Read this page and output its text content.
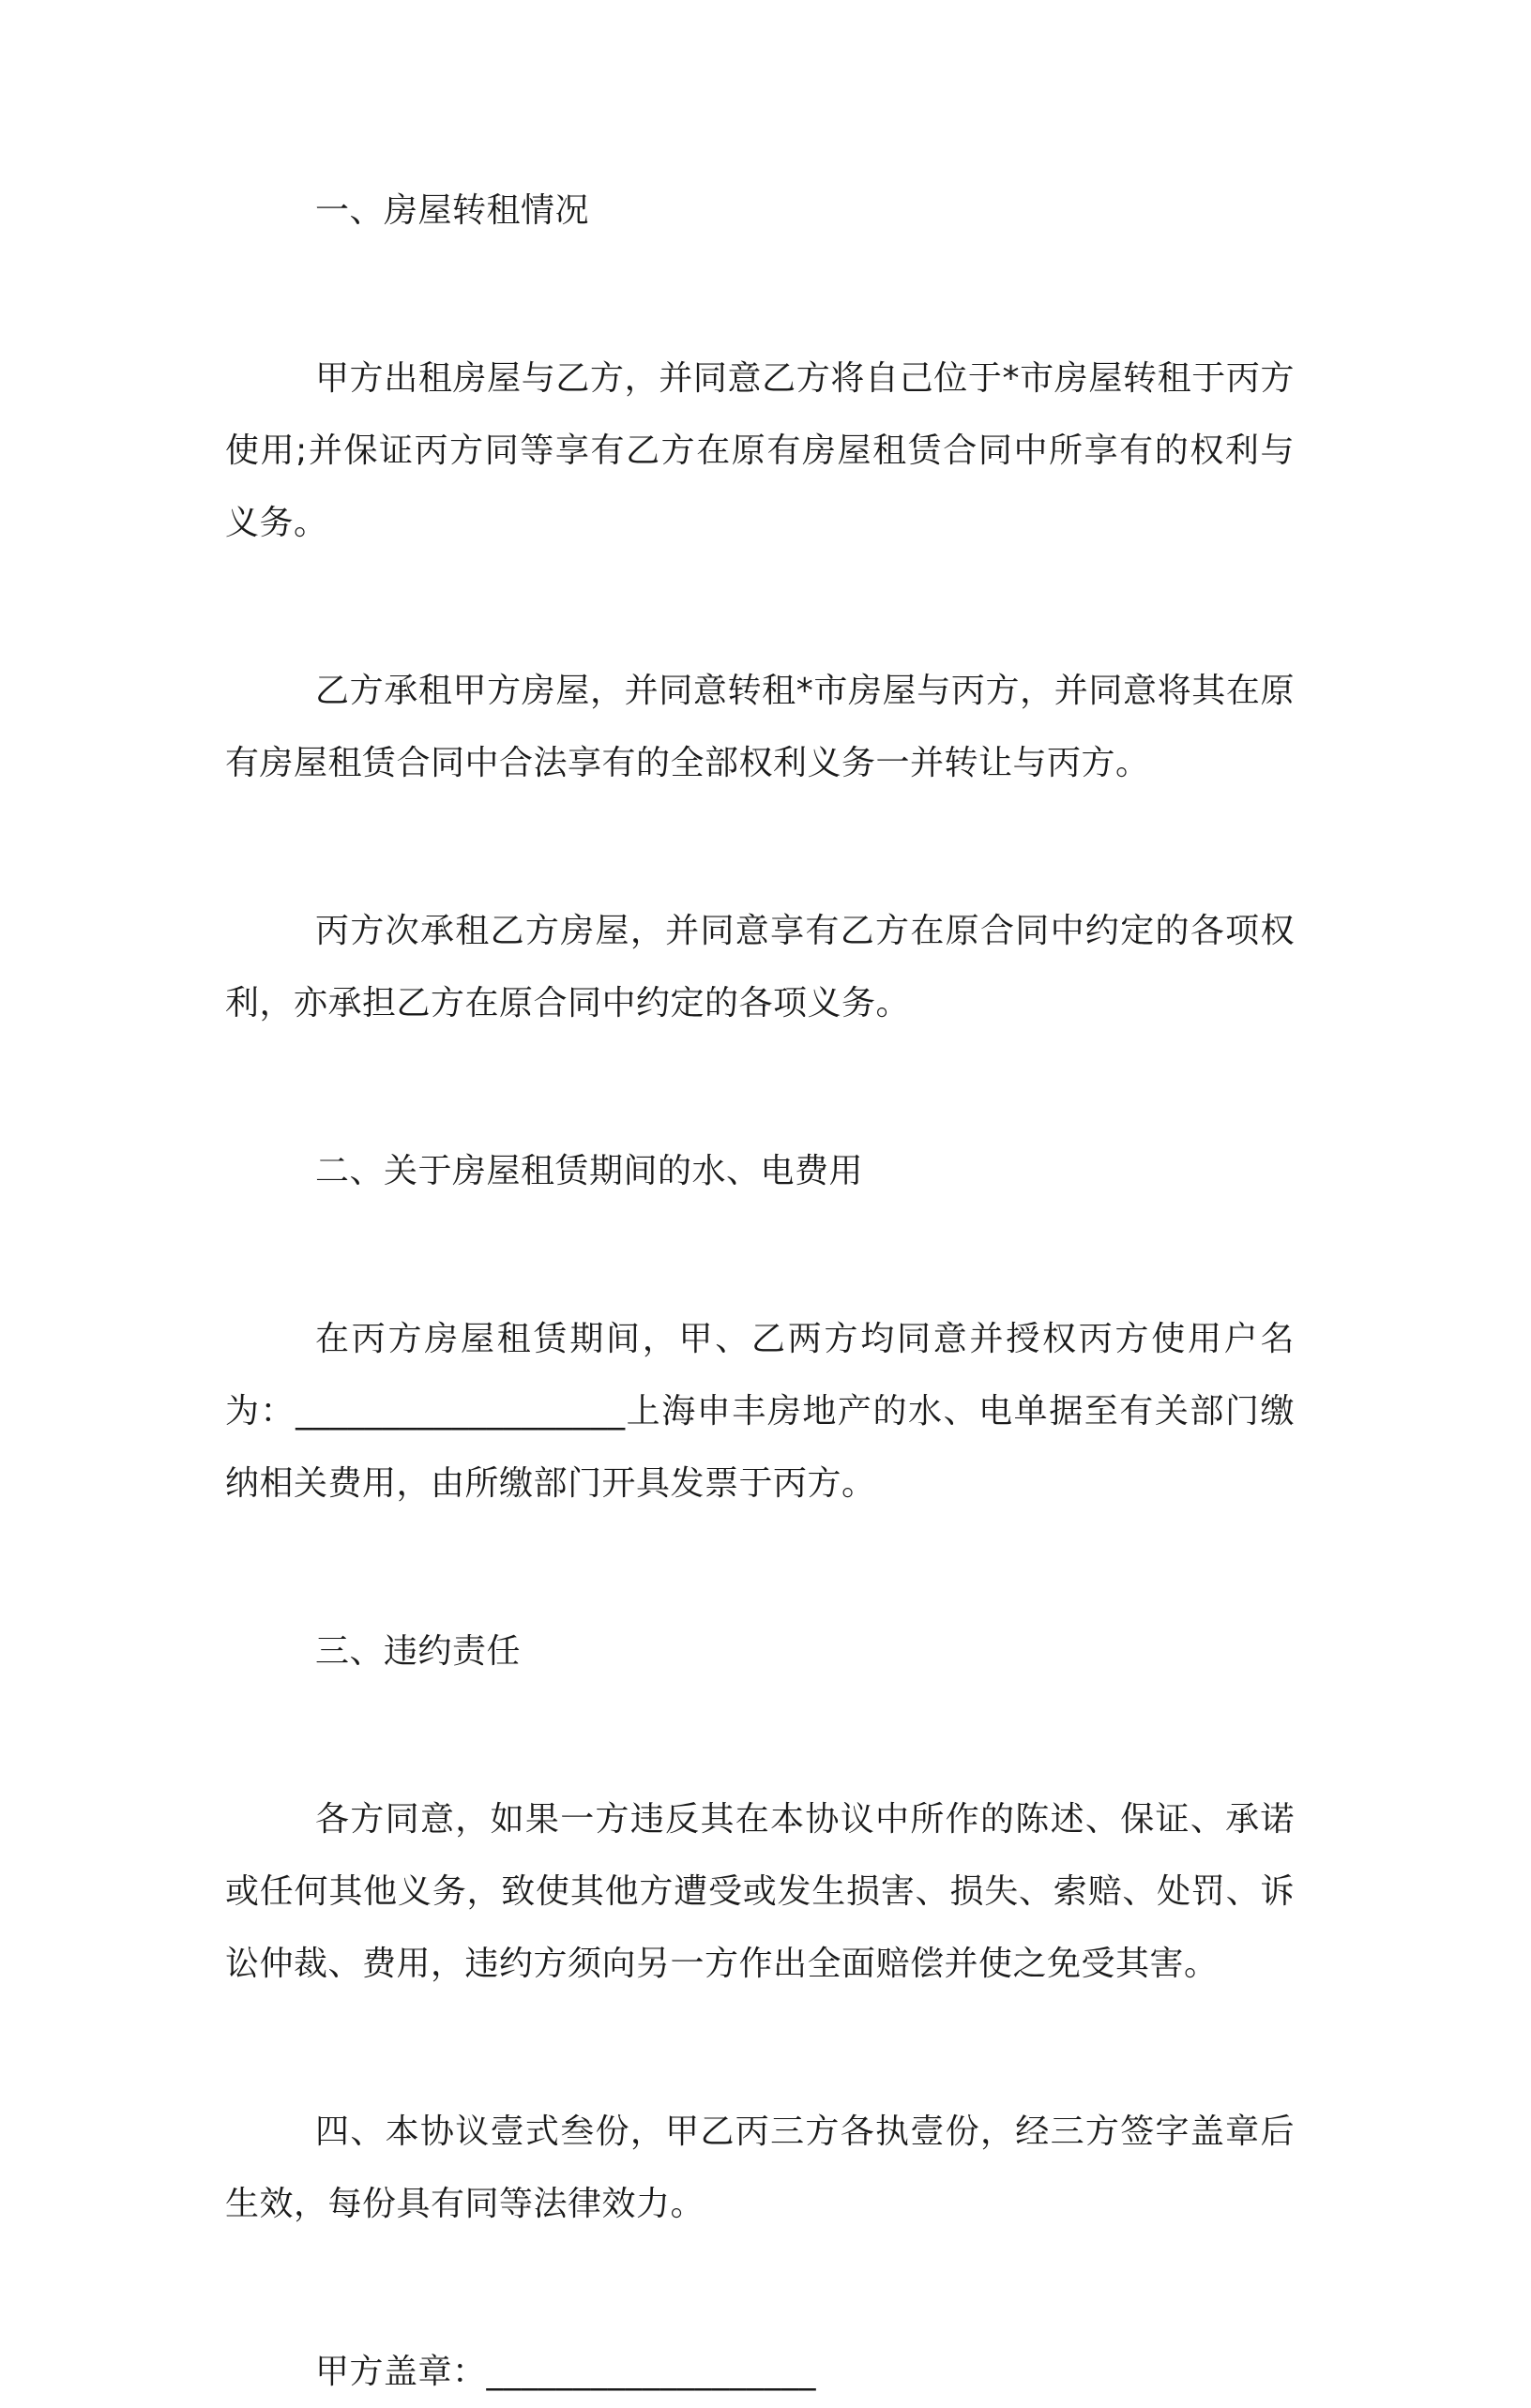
一、房屋转租情况

甲方出租房屋与乙方，并同意乙方将自己位于*市房屋转租于丙方使用;并保证丙方同等享有乙方在原有房屋租赁合同中所享有的权利与义务。

乙方承租甲方房屋，并同意转租*市房屋与丙方，并同意将其在原有房屋租赁合同中合法享有的全部权利义务一并转让与丙方。

丙方次承租乙方房屋，并同意享有乙方在原合同中约定的各项权利，亦承担乙方在原合同中约定的各项义务。

二、关于房屋租赁期间的水、电费用

在丙方房屋租赁期间，甲、乙两方均同意并授权丙方使用户名为：___________________上海申丰房地产的水、电单据至有关部门缴纳相关费用，由所缴部门开具发票于丙方。

三、违约责任

各方同意，如果一方违反其在本协议中所作的陈述、保证、承诺或任何其他义务，致使其他方遭受或发生损害、损失、索赔、处罚、诉讼仲裁、费用，违约方须向另一方作出全面赔偿并使之免受其害。

四、本协议壹式叁份，甲乙丙三方各执壹份，经三方签字盖章后生效，每份具有同等法律效力。

甲方盖章：___________________
